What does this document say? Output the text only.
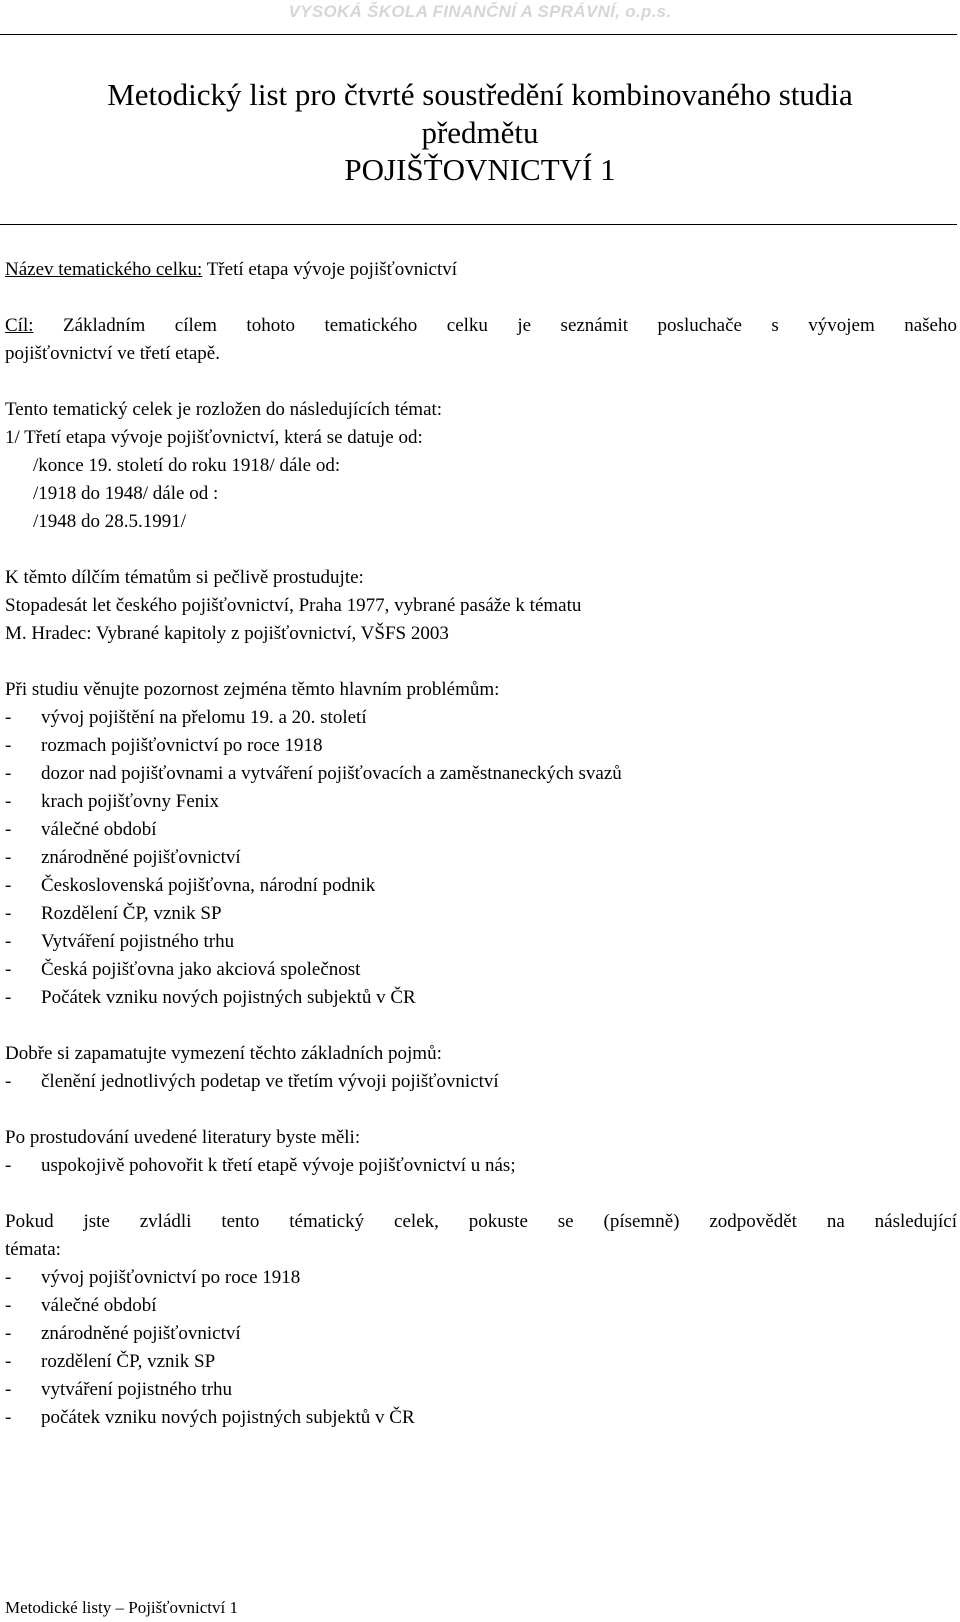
VYSOKÁ ŠKOLA FINANČNÍ A SPRÁVNÍ, o.p.s.
Metodický list pro čtvrté soustředění kombinovaného studia
předmětu
POJIŠŤOVNICTVÍ 1
Název tematického celku: Třetí etapa vývoje pojišťovnictví
Cíl: Základním cílem tohoto tematického celku je seznámit posluchače s vývojem našeho
pojišťovnictví ve třetí etapě.
Tento tematický celek je rozložen do následujících témat:
1/ Třetí etapa vývoje pojišťovnictví, která se datuje od:
/konce 19. století do roku 1918/ dále od:
/1918 do 1948/ dále od :
/1948 do 28.5.1991/
K těmto dílčím tématům si pečlivě prostudujte:
Stopadesát let českého pojišťovnictví, Praha 1977, vybrané pasáže k tématu
M. Hradec: Vybrané kapitoly z pojišťovnictví, VŠFS 2003
Při studiu věnujte pozornost zejména těmto hlavním problémům:
- vývoj pojištění na přelomu 19. a 20. století
- rozmach pojišťovnictví po roce 1918
- dozor nad pojišťovnami a vytváření pojišťovacích a zaměstnaneckých svazů
- krach pojišťovny Fenix
- válečné období
- znárodněné pojišťovnictví
- Československá pojišťovna, národní podnik
- Rozdělení ČP, vznik SP
- Vytváření pojistného trhu
- Česká pojišťovna jako akciová společnost
- Počátek vzniku nových pojistných subjektů v ČR
Dobře si zapamatujte vymezení těchto základních pojmů:
- členění jednotlivých podetap ve třetím vývoji pojišťovnictví
Po prostudování uvedené literatury byste měli:
- uspokojivě pohovořit k třetí etapě vývoje pojišťovnictví u nás;
Pokud jste zvládli tento tématický celek, pokuste se (písemně) zodpovědět na následující
témata:
- vývoj pojišťovnictví po roce 1918
- válečné období
- znárodněné pojišťovnictví
- rozdělení ČP, vznik SP
- vytváření pojistného trhu
- počátek vzniku nových pojistných subjektů v ČR
Metodické listy – Pojišťovnictví 1
